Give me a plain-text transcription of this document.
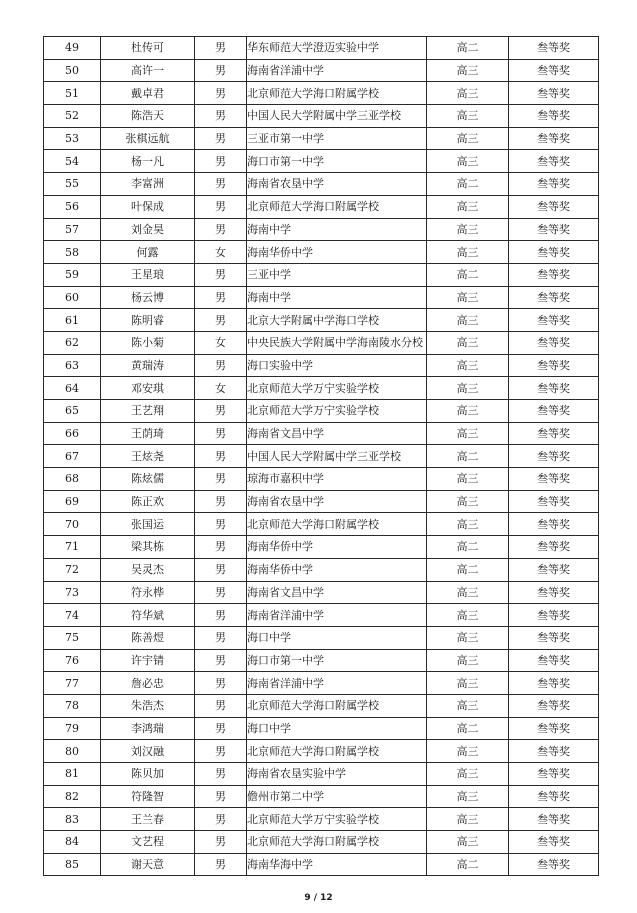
49	杜传可	男	华东师范大学澄迈实验中学	高二	叁等奖
50	高许一	男	海南省洋浦中学	高三	叁等奖
51	戴卓君	男	北京师范大学海口附属学校	高三	叁等奖
52	陈浩天	男	中国人民大学附属中学三亚学校	高三	叁等奖
53	张棋远航	男	三亚市第一中学	高三	叁等奖
54	杨一凡	男	海口市第一中学	高三	叁等奖
55	李富洲	男	海南省农垦中学	高二	叁等奖
56	叶保成	男	北京师范大学海口附属学校	高三	叁等奖
57	刘金昊	男	海南中学	高三	叁等奖
58	何露	女	海南华侨中学	高三	叁等奖
59	王星琅	男	三亚中学	高二	叁等奖
60	杨云博	男	海南中学	高三	叁等奖
61	陈明睿	男	北京大学附属中学海口学校	高三	叁等奖
62	陈小菊	女	中央民族大学附属中学海南陵水分校	高三	叁等奖
63	黄瑞涛	男	海口实验中学	高三	叁等奖
64	邓安琪	女	北京师范大学万宁实验学校	高三	叁等奖
65	王艺翔	男	北京师范大学万宁实验学校	高三	叁等奖
66	王荫琦	男	海南省文昌中学	高三	叁等奖
67	王炫尧	男	中国人民大学附属中学三亚学校	高二	叁等奖
68	陈炫儒	男	琼海市嘉积中学	高三	叁等奖
69	陈正欢	男	海南省农垦中学	高三	叁等奖
70	张国运	男	北京师范大学海口附属学校	高三	叁等奖
71	梁其栋	男	海南华侨中学	高二	叁等奖
72	吴灵杰	男	海南华侨中学	高二	叁等奖
73	符永桦	男	海南省文昌中学	高三	叁等奖
74	符华斌	男	海南省洋浦中学	高三	叁等奖
75	陈善煜	男	海口中学	高三	叁等奖
76	许宇锖	男	海口市第一中学	高三	叁等奖
77	詹必忠	男	海南省洋浦中学	高三	叁等奖
78	朱浩杰	男	北京师范大学海口附属学校	高三	叁等奖
79	李鸿瑞	男	海口中学	高二	叁等奖
80	刘汉融	男	北京师范大学海口附属学校	高三	叁等奖
81	陈贝加	男	海南省农垦实验中学	高三	叁等奖
82	符隆智	男	儋州市第二中学	高三	叁等奖
83	王兰春	男	北京师范大学万宁实验学校	高三	叁等奖
84	文艺程	男	北京师范大学海口附属学校	高三	叁等奖
85	谢天意	男	海南华海中学	高二	叁等奖
9 / 12
